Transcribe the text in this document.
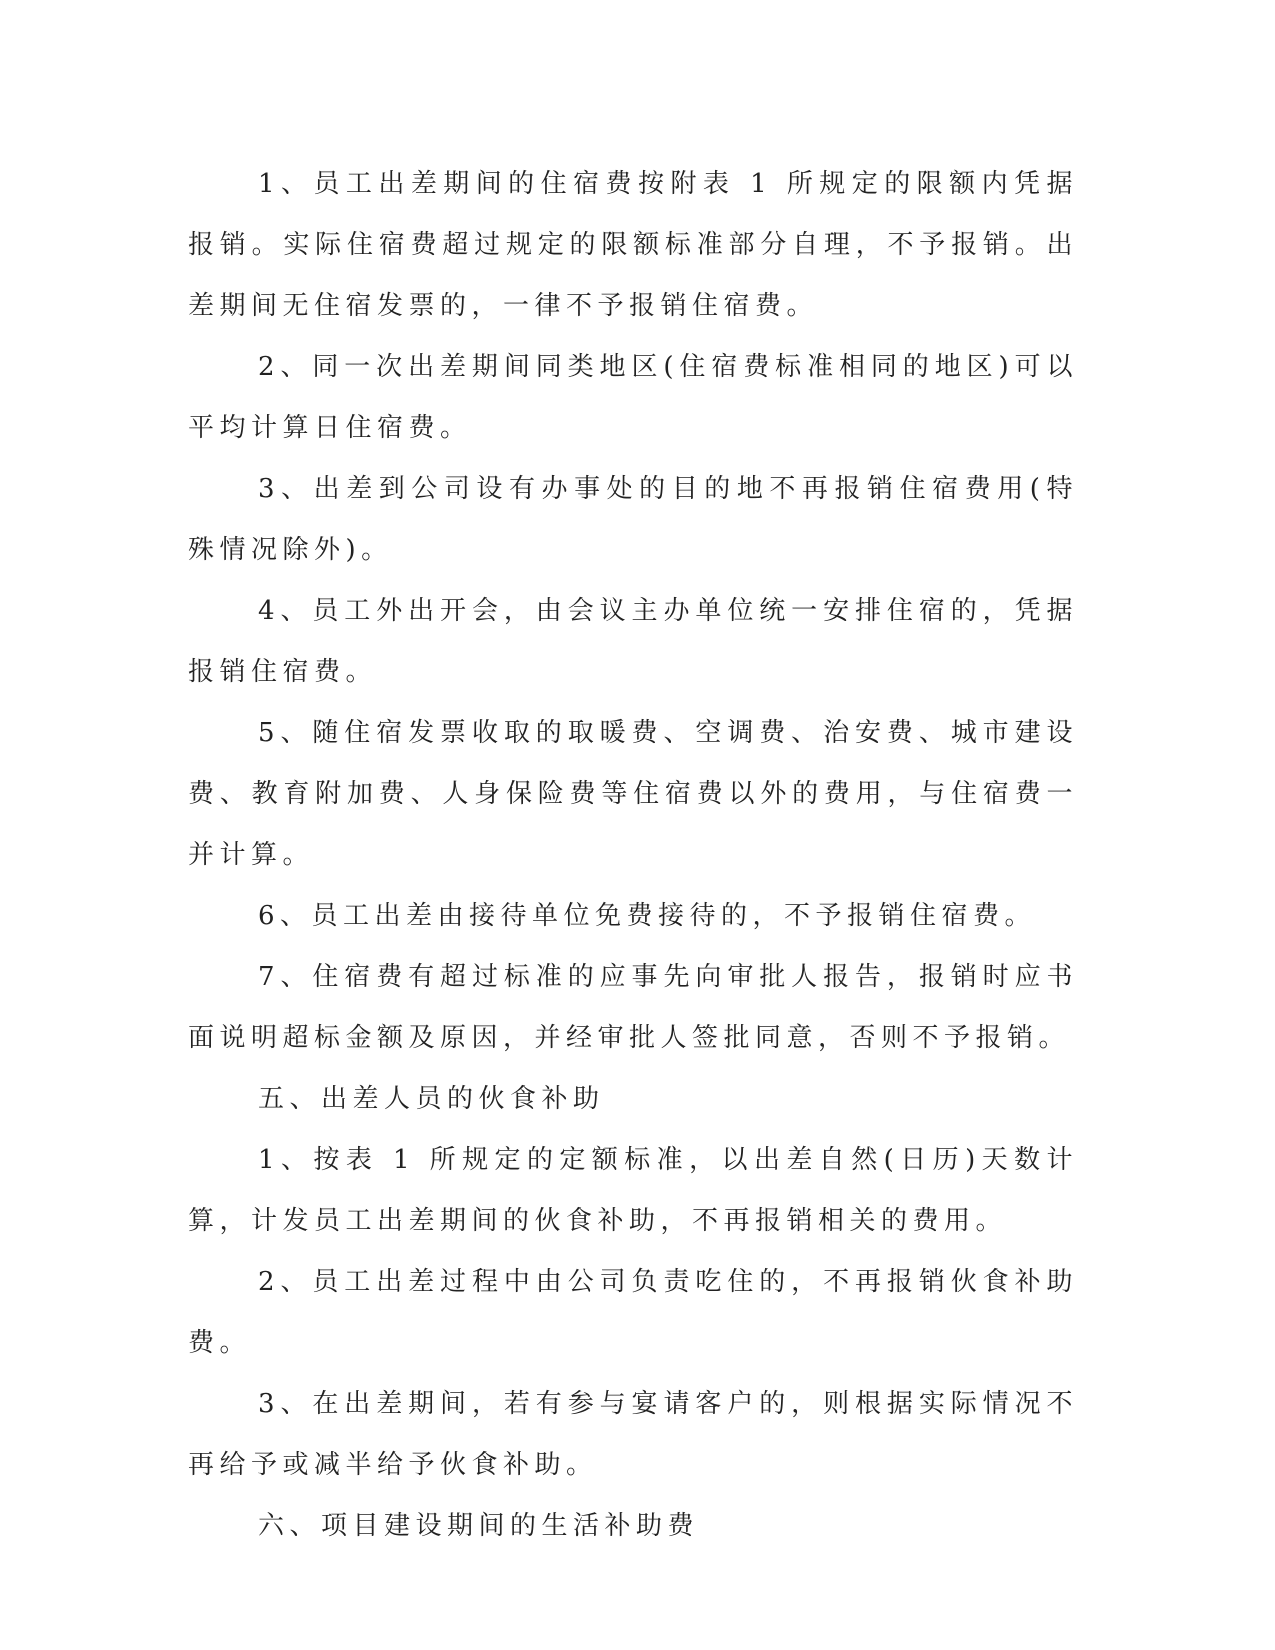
1、员工出差期间的住宿费按附表 1 所规定的限额内凭据报销。实际住宿费超过规定的限额标准部分自理，不予报销。出差期间无住宿发票的，一律不予报销住宿费。

2、同一次出差期间同类地区(住宿费标准相同的地区)可以平均计算日住宿费。

3、出差到公司设有办事处的目的地不再报销住宿费用(特殊情况除外)。

4、员工外出开会，由会议主办单位统一安排住宿的，凭据报销住宿费。

5、随住宿发票收取的取暖费、空调费、治安费、城市建设费、教育附加费、人身保险费等住宿费以外的费用，与住宿费一并计算。

6、员工出差由接待单位免费接待的，不予报销住宿费。

7、住宿费有超过标准的应事先向审批人报告，报销时应书面说明超标金额及原因，并经审批人签批同意，否则不予报销。

五、出差人员的伙食补助

1、按表 1 所规定的定额标准，以出差自然(日历)天数计算，计发员工出差期间的伙食补助，不再报销相关的费用。

2、员工出差过程中由公司负责吃住的，不再报销伙食补助费。

3、在出差期间，若有参与宴请客户的，则根据实际情况不再给予或减半给予伙食补助。

六、项目建设期间的生活补助费
